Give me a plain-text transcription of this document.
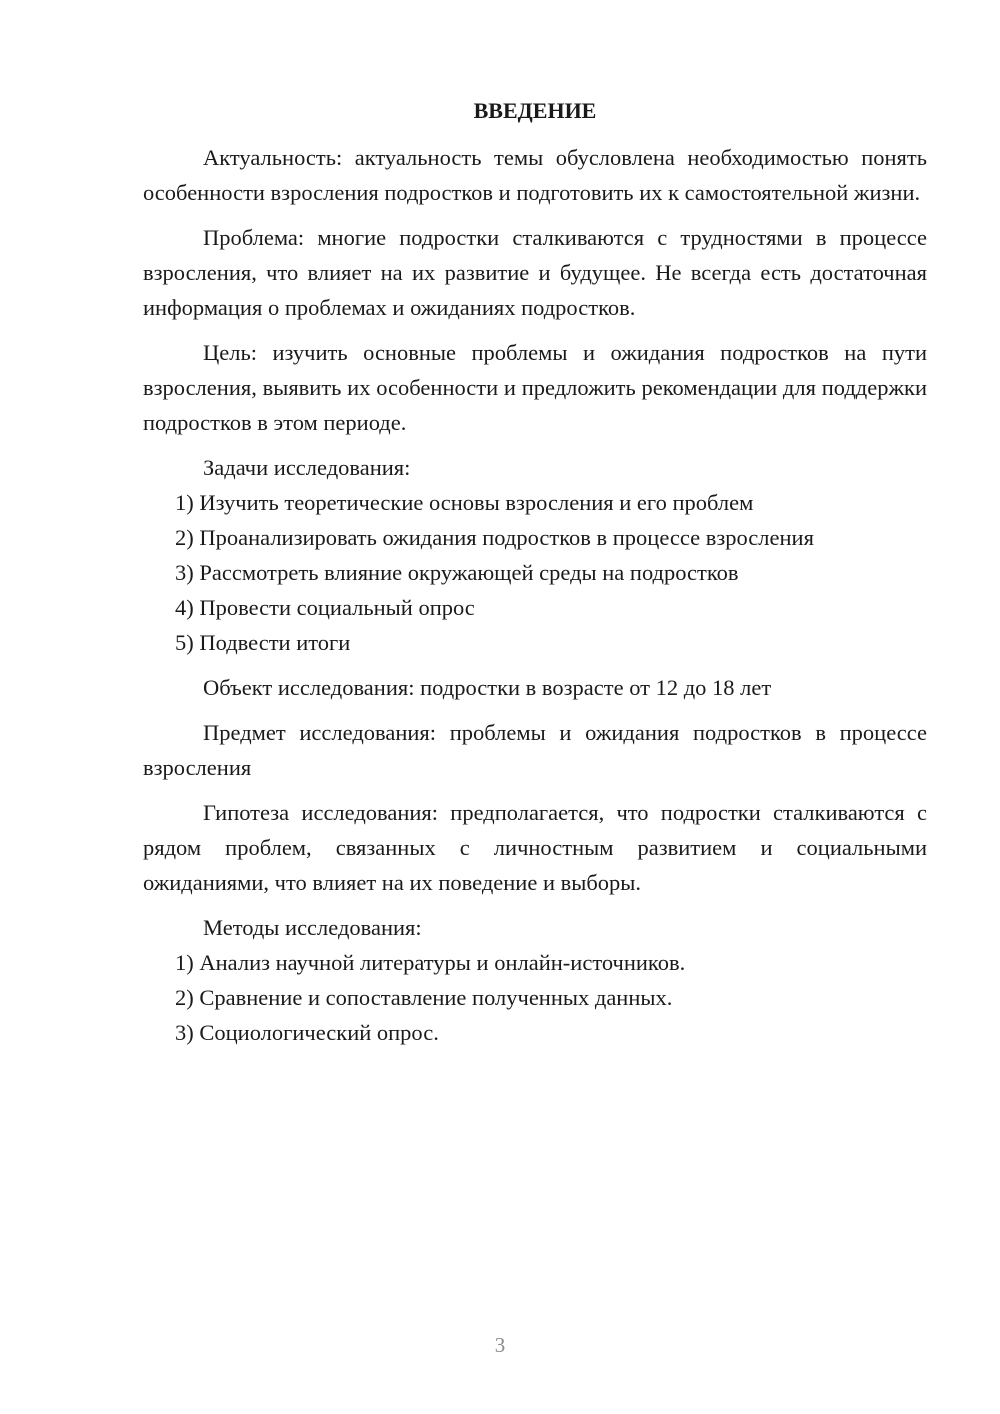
ВВЕДЕНИЕ

Актуальность: актуальность темы обусловлена необходимостью понять особенности взросления подростков и подготовить их к самостоятельной жизни.

Проблема: многие подростки сталкиваются с трудностями в процессе взросления, что влияет на их развитие и будущее. Не всегда есть достаточная информация о проблемах и ожиданиях подростков.

Цель: изучить основные проблемы и ожидания подростков на пути взросления, выявить их особенности и предложить рекомендации для поддержки подростков в этом периоде.

Задачи исследования:

1) Изучить теоретические основы взросления и его проблем

2) Проанализировать ожидания подростков в процессе взросления

3) Рассмотреть влияние окружающей среды на подростков

4) Провести социальный опрос

5) Подвести итоги

Объект исследования: подростки в возрасте от 12 до 18 лет

Предмет исследования: проблемы и ожидания подростков в процессе взросления

Гипотеза исследования: предполагается, что подростки сталкиваются с рядом проблем, связанных с личностным развитием и социальными ожиданиями, что влияет на их поведение и выборы.

Методы исследования:

1) Анализ научной литературы и онлайн-источников.

2) Сравнение и сопоставление полученных данных.

3) Социологический опрос.

3
